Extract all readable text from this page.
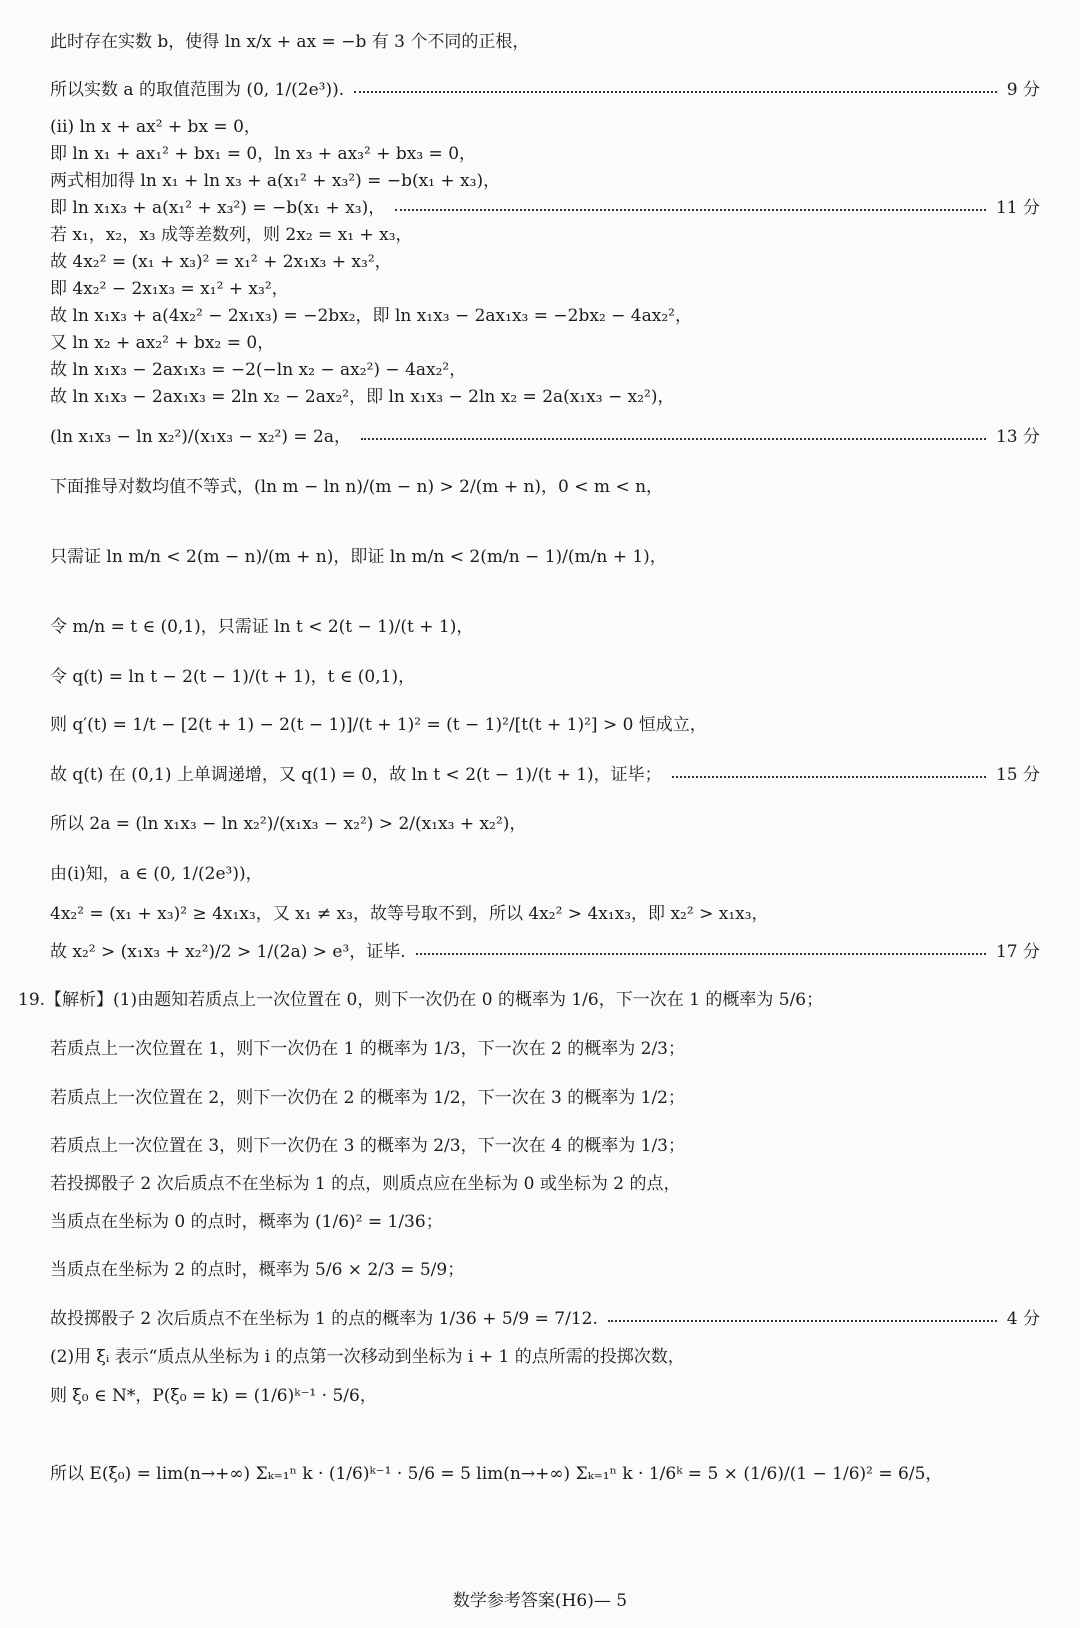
此时存在实数 b，使得 ln x/x + ax = −b 有 3 个不同的正根，
所以实数 a 的取值范围为 (0, 1/(2e³)).	9 分
(ⅱ) ln x + ax² + bx = 0，
即 ln x₁ + ax₁² + bx₁ = 0，ln x₃ + ax₃² + bx₃ = 0，
两式相加得 ln x₁ + ln x₃ + a(x₁² + x₃²) = −b(x₁ + x₃)，
即 ln x₁x₃ + a(x₁² + x₃²) = −b(x₁ + x₃)，	11 分
若 x₁，x₂，x₃ 成等差数列，则 2x₂ = x₁ + x₃，
故 4x₂² = (x₁ + x₃)² = x₁² + 2x₁x₃ + x₃²，
即 4x₂² − 2x₁x₃ = x₁² + x₃²，
故 ln x₁x₃ + a(4x₂² − 2x₁x₃) = −2bx₂，即 ln x₁x₃ − 2ax₁x₃ = −2bx₂ − 4ax₂²，
又 ln x₂ + ax₂² + bx₂ = 0，
故 ln x₁x₃ − 2ax₁x₃ = −2(−ln x₂ − ax₂²) − 4ax₂²，
故 ln x₁x₃ − 2ax₁x₃ = 2ln x₂ − 2ax₂²，即 ln x₁x₃ − 2ln x₂ = 2a(x₁x₃ − x₂²)，
(ln x₁x₃ − ln x₂²)/(x₁x₃ − x₂²) = 2a，	13 分
下面推导对数均值不等式，(ln m − ln n)/(m − n) > 2/(m + n)，0 < m < n，
只需证 ln m/n < 2(m − n)/(m + n)，即证 ln m/n < 2(m/n − 1)/(m/n + 1)，
令 m/n = t ∈ (0,1)，只需证 ln t < 2(t − 1)/(t + 1)，
令 q(t) = ln t − 2(t − 1)/(t + 1)，t ∈ (0,1)，
则 q′(t) = 1/t − [2(t + 1) − 2(t − 1)]/(t + 1)² = (t − 1)²/[t(t + 1)²] > 0 恒成立，
故 q(t) 在 (0,1) 上单调递增，又 q(1) = 0，故 ln t < 2(t − 1)/(t + 1)，证毕；	15 分
所以 2a = (ln x₁x₃ − ln x₂²)/(x₁x₃ − x₂²) > 2/(x₁x₃ + x₂²)，
由(ⅰ)知，a ∈ (0, 1/(2e³))，
4x₂² = (x₁ + x₃)² ≥ 4x₁x₃，又 x₁ ≠ x₃，故等号取不到，所以 4x₂² > 4x₁x₃，即 x₂² > x₁x₃，
故 x₂² > (x₁x₃ + x₂²)/2 > 1/(2a) > e³，证毕.	17 分
19.【解析】(1)由题知若质点上一次位置在 0，则下一次仍在 0 的概率为 1/6，下一次在 1 的概率为 5/6；
若质点上一次位置在 1，则下一次仍在 1 的概率为 1/3，下一次在 2 的概率为 2/3；
若质点上一次位置在 2，则下一次仍在 2 的概率为 1/2，下一次在 3 的概率为 1/2；
若质点上一次位置在 3，则下一次仍在 3 的概率为 2/3，下一次在 4 的概率为 1/3；
若投掷骰子 2 次后质点不在坐标为 1 的点，则质点应在坐标为 0 或坐标为 2 的点，
当质点在坐标为 0 的点时，概率为 (1/6)² = 1/36；
当质点在坐标为 2 的点时，概率为 5/6 × 2/3 = 5/9；
故投掷骰子 2 次后质点不在坐标为 1 的点的概率为 1/36 + 5/9 = 7/12.	4 分
(2)用 ξᵢ 表示“质点从坐标为 i 的点第一次移动到坐标为 i + 1 的点所需的投掷次数，
则 ξ₀ ∈ N*，P(ξ₀ = k) = (1/6)ᵏ⁻¹ · 5/6，
所以 E(ξ₀) = lim(n→+∞) Σₖ₌₁ⁿ k · (1/6)ᵏ⁻¹ · 5/6 = 5 lim(n→+∞) Σₖ₌₁ⁿ k · 1/6ᵏ = 5 × (1/6)/(1 − 1/6)² = 6/5，
数学参考答案(H6)— 5
